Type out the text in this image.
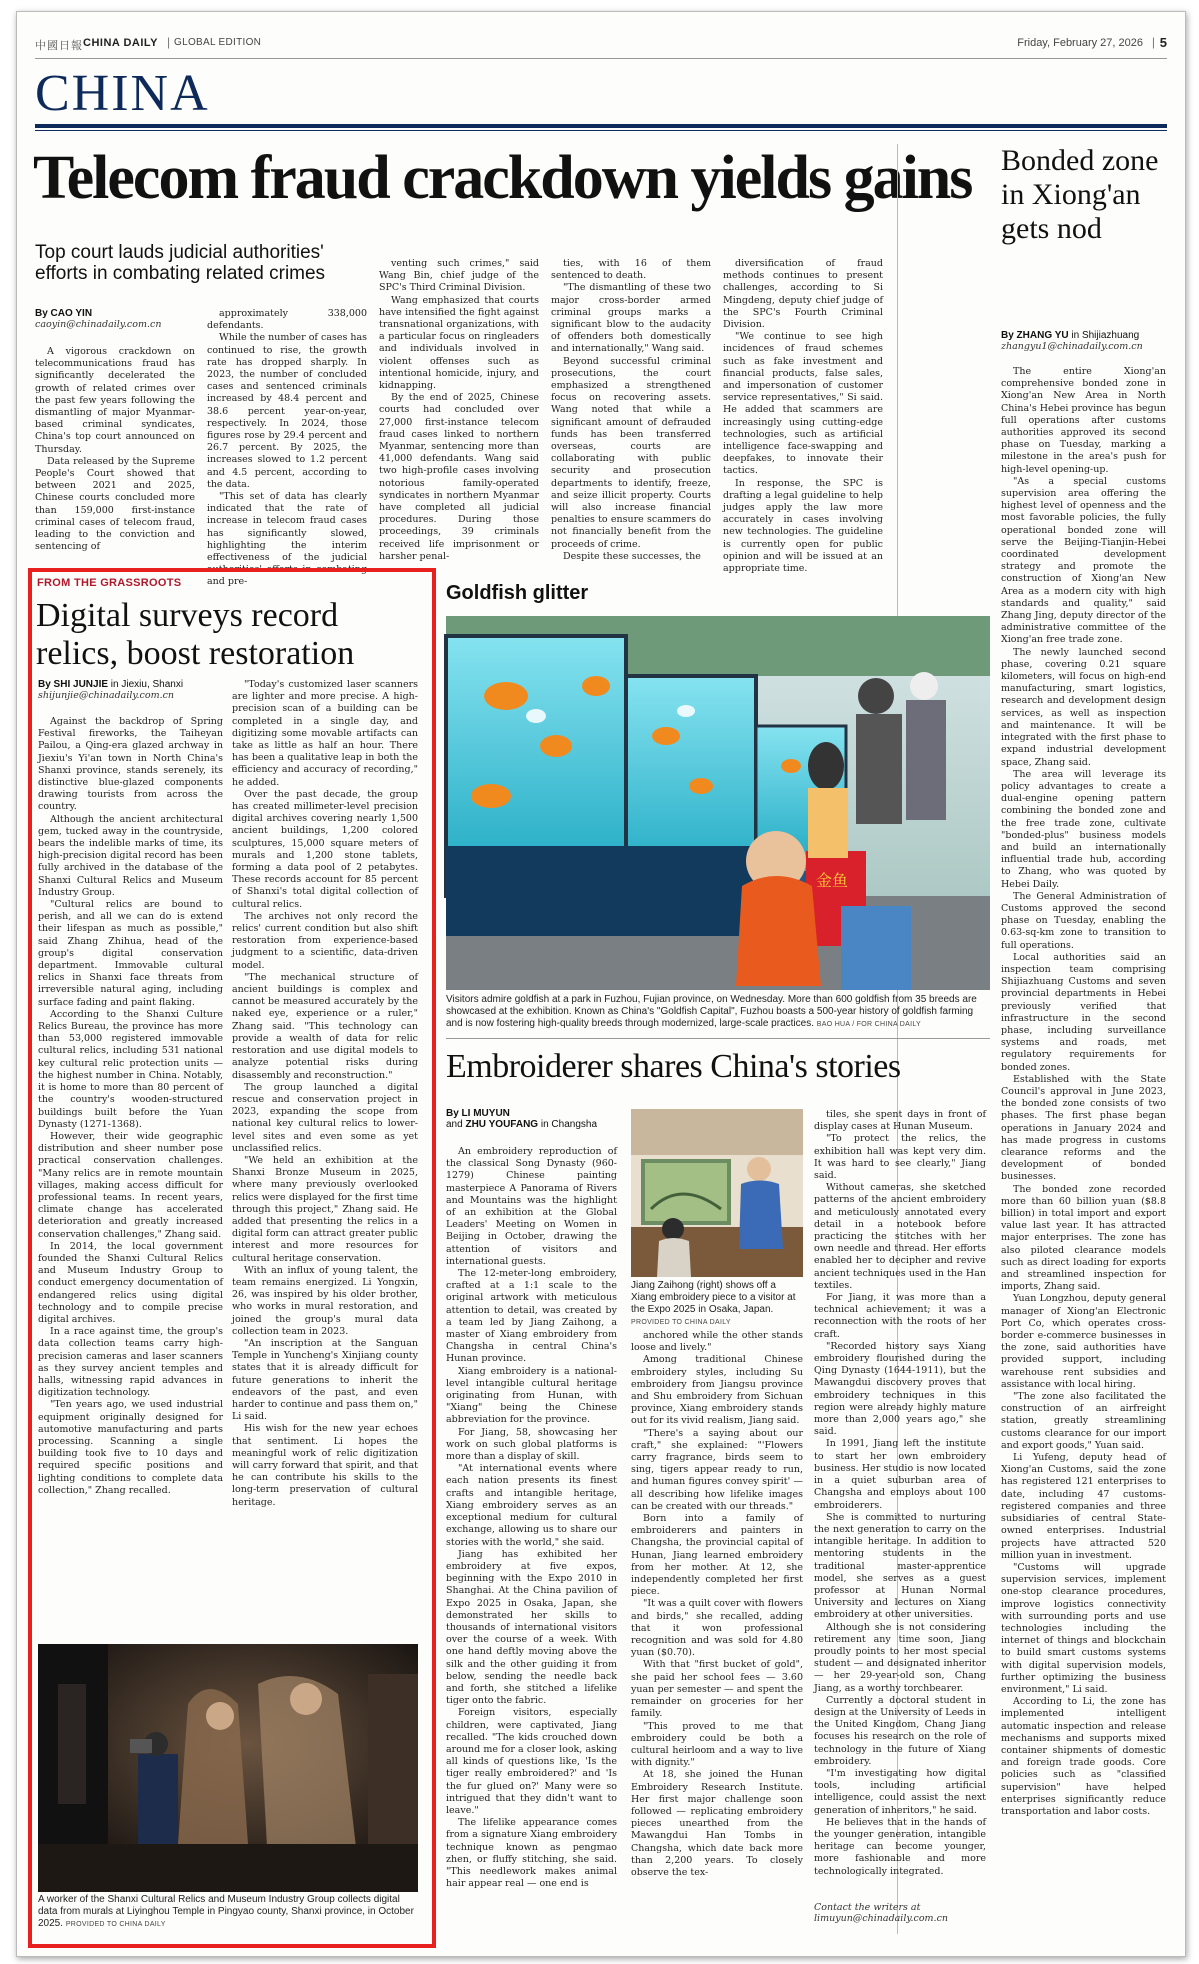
中國日報 CHINA DAILY | GLOBAL EDITION	Friday, February 27, 2026 | 5
CHINA
Telecom fraud crackdown yields gains
Top court lauds judicial authorities' efforts in combating related crimes
By CAO YIN
caoyin@chinadaily.com.cn

A vigorous crackdown on telecommunications fraud has significantly decelerated the growth of related crimes over the past few years following the dismantling of major Myanmar-based criminal syndicates, China's top court announced on Thursday.

Data released by the Supreme People's Court showed that between 2021 and 2025, Chinese courts concluded more than 159,000 first-instance criminal cases of telecom fraud, leading to the conviction and sentencing of

approximately 338,000 defendants.

While the number of cases has continued to rise, the growth rate has dropped sharply. In 2023, the number of concluded cases and sentenced criminals increased by 48.4 percent and 38.6 percent year-on-year, respectively. In 2024, those figures rose by 29.4 percent and 26.7 percent. By 2025, the increases slowed to 1.2 percent and 4.5 percent, according to the data.

"This set of data has clearly indicated that the rate of increase in telecom fraud cases has significantly slowed, highlighting the interim effectiveness of the judicial authorities' efforts in combating and pre-

venting such crimes," said Wang Bin, chief judge of the SPC's Third Criminal Division.

Wang emphasized that courts have intensified the fight against transnational organizations, with a particular focus on ringleaders and individuals involved in violent offenses such as intentional homicide, injury, and kidnapping.

By the end of 2025, Chinese courts had concluded over 27,000 first-instance telecom fraud cases linked to northern Myanmar, sentencing more than 41,000 defendants. Wang said two high-profile cases involving notorious family-operated syndicates in northern Myanmar have completed all judicial procedures. During those proceedings, 39 criminals received life imprisonment or harsher penal-

ties, with 16 of them sentenced to death.

"The dismantling of these two major cross-border armed criminal groups marks a significant blow to the audacity of offenders both domestically and internationally," Wang said.

Beyond successful criminal prosecutions, the court emphasized a strengthened focus on recovering assets. Wang noted that while a significant amount of defrauded funds has been transferred overseas, courts are collaborating with public security and prosecution departments to identify, freeze, and seize illicit property. Courts will also increase financial penalties to ensure scammers do not financially benefit from the proceeds of crime.

Despite these successes, the

diversification of fraud methods continues to present challenges, according to Si Mingdeng, deputy chief judge of the SPC's Fourth Criminal Division.

"We continue to see high incidences of fraud schemes such as fake investment and financial products, false sales, and impersonation of customer service representatives," Si said. He added that scammers are increasingly using cutting-edge technologies, such as artificial intelligence face-swapping and deepfakes, to innovate their tactics.

In response, the SPC is drafting a legal guideline to help judges apply the law more accurately in cases involving new technologies. The guideline is currently open for public opinion and will be issued at an appropriate time.

Bonded zone in Xiong'an gets nod
By ZHANG YU in Shijiazhuang
zhangyu1@chinadaily.com.cn

The entire Xiong'an comprehensive bonded zone in Xiong'an New Area in North China's Hebei province has begun full operations after customs authorities approved its second phase on Tuesday, marking a milestone in the area's push for high-level opening-up.

"As a special customs supervision area offering the highest level of openness and the most favorable policies, the fully operational bonded zone will serve the Beijing-Tianjin-Hebei coordinated development strategy and promote the construction of Xiong'an New Area as a modern city with high standards and quality," said Zhang Jing, deputy director of the administrative committee of the Xiong'an free trade zone.

The newly launched second phase, covering 0.21 square kilometers, will focus on high-end manufacturing, smart logistics, research and development design services, as well as inspection and maintenance. It will be integrated with the first phase to expand industrial development space, Zhang said.

The area will leverage its policy advantages to create a dual-engine opening pattern combining the bonded zone and the free trade zone, cultivate "bonded-plus" business models and build an internationally influential trade hub, according to Zhang, who was quoted by Hebei Daily.

The General Administration of Customs approved the second phase on Tuesday, enabling the 0.63-sq-km zone to transition to full operations.

Local authorities said an inspection team comprising Shijiazhuang Customs and seven provincial departments in Hebei previously verified that infrastructure in the second phase, including surveillance systems and roads, met regulatory requirements for bonded zones.

Established with the State Council's approval in June 2023, the bonded zone consists of two phases. The first phase began operations in January 2024 and has made progress in customs clearance reforms and the development of bonded businesses.

The bonded zone recorded more than 60 billion yuan ($8.8 billion) in total import and export value last year. It has attracted major enterprises. The zone has also piloted clearance models such as direct loading for exports and streamlined inspection for imports, Zhang said.

Yuan Longzhou, deputy general manager of Xiong'an Electronic Port Co, which operates cross-border e-commerce businesses in the zone, said authorities have provided support, including warehouse rent subsidies and assistance with local hiring.

"The zone also facilitated the construction of an airfreight station, greatly streamlining customs clearance for our import and export goods," Yuan said.

Li Yufeng, deputy head of Xiong'an Customs, said the zone has registered 121 enterprises to date, including 47 customs-registered companies and three subsidiaries of central State-owned enterprises. Industrial projects have attracted 520 million yuan in investment.

"Customs will upgrade supervision services, implement one-stop clearance procedures, improve logistics connectivity with surrounding ports and use technologies including the internet of things and blockchain to build smart customs systems with digital supervision models, further optimizing the business environment," Li said.

According to Li, the zone has implemented intelligent automatic inspection and release mechanisms and supports mixed container shipments of domestic and foreign trade goods. Core policies such as "classified supervision" have helped enterprises significantly reduce transportation and labor costs.

FROM THE GRASSROOTS
Digital surveys record relics, boost restoration
By SHI JUNJIE in Jiexiu, Shanxi
shijunjie@chinadaily.com.cn

Against the backdrop of Spring Festival fireworks, the Taiheyan Pailou, a Qing-era glazed archway in Jiexiu's Yi'an town in North China's Shanxi province, stands serenely, its distinctive blue-glazed components drawing tourists from across the country.

Although the ancient architectural gem, tucked away in the countryside, bears the indelible marks of time, its high-precision digital record has been fully archived in the database of the Shanxi Cultural Relics and Museum Industry Group.

"Cultural relics are bound to perish, and all we can do is extend their lifespan as much as possible," said Zhang Zhihua, head of the group's digital conservation department. Immovable cultural relics in Shanxi face threats from irreversible natural aging, including surface fading and paint flaking.

According to the Shanxi Culture Relics Bureau, the province has more than 53,000 registered immovable cultural relics, including 531 national key cultural relic protection units — the highest number in China. Notably, it is home to more than 80 percent of the country's wooden-structured buildings built before the Yuan Dynasty (1271-1368).

However, their wide geographic distribution and sheer number pose practical conservation challenges. "Many relics are in remote mountain villages, making access difficult for professional teams. In recent years, climate change has accelerated deterioration and greatly increased conservation challenges," Zhang said.

In 2014, the local government founded the Shanxi Cultural Relics and Museum Industry Group to conduct emergency documentation of endangered relics using digital technology and to compile precise digital archives.

In a race against time, the group's data collection teams carry high-precision cameras and laser scanners as they survey ancient temples and halls, witnessing rapid advances in digitization technology.

"Ten years ago, we used industrial equipment originally designed for automotive manufacturing and parts processing. Scanning a single building took five to 10 days and required specific positions and lighting conditions to complete data collection," Zhang recalled.

"Today's customized laser scanners are lighter and more precise. A high-precision scan of a building can be completed in a single day, and digitizing some movable artifacts can take as little as half an hour. There has been a qualitative leap in both the efficiency and accuracy of recording," he added.

Over the past decade, the group has created millimeter-level precision digital archives covering nearly 1,500 ancient buildings, 1,200 colored sculptures, 15,000 square meters of murals and 1,200 stone tablets, forming a data pool of 2 petabytes. These records account for 85 percent of Shanxi's total digital collection of cultural relics.

The archives not only record the relics' current condition but also shift restoration from experience-based judgment to a scientific, data-driven model.

"The mechanical structure of ancient buildings is complex and cannot be measured accurately by the naked eye, experience or a ruler," Zhang said. "This technology can provide a wealth of data for relic restoration and use digital models to analyze potential risks during disassembly and reconstruction."

The group launched a digital rescue and conservation project in 2023, expanding the scope from national key cultural relics to lower-level sites and even some as yet unclassified relics.

"We held an exhibition at the Shanxi Bronze Museum in 2025, where many previously overlooked relics were displayed for the first time through this project," Zhang said. He added that presenting the relics in a digital form can attract greater public interest and more resources for cultural heritage conservation.

With an influx of young talent, the team remains energized. Li Yongxin, 26, was inspired by his older brother, who works in mural restoration, and joined the group's mural data collection team in 2023.

"An inscription at the Sanguan Temple in Yuncheng's Xinjiang county states that it is already difficult for future generations to inherit the endeavors of the past, and even harder to continue and pass them on," Li said.

His wish for the new year echoes that sentiment. Li hopes the meaningful work of relic digitization will carry forward that spirit, and that he can contribute his skills to the long-term preservation of cultural heritage.

A worker of the Shanxi Cultural Relics and Museum Industry Group collects digital data from murals at Liyinghou Temple in Pingyao county, Shanxi province, in October 2025. PROVIDED TO CHINA DAILY
Goldfish glitter
金鱼
Visitors admire goldfish at a park in Fuzhou, Fujian province, on Wednesday. More than 600 goldfish from 35 breeds are showcased at the exhibition. Known as China's "Goldfish Capital", Fuzhou boasts a 500-year history of goldfish farming and is now fostering high-quality breeds through modernized, large-scale practices. BAO HUA / FOR CHINA DAILY
Embroiderer shares China's stories
By LI MUYUN
and ZHU YOUFANG in Changsha

An embroidery reproduction of the classical Song Dynasty (960-1279) Chinese painting masterpiece A Panorama of Rivers and Mountains was the highlight of an exhibition at the Global Leaders' Meeting on Women in Beijing in October, drawing the attention of visitors and international guests.

The 12-meter-long embroidery, crafted at a 1:1 scale to the original artwork with meticulous attention to detail, was created by a team led by Jiang Zaihong, a master of Xiang embroidery from Changsha in central China's Hunan province.

Xiang embroidery is a national-level intangible cultural heritage originating from Hunan, with "Xiang" being the Chinese abbreviation for the province.

For Jiang, 58, showcasing her work on such global platforms is more than a display of skill.

"At international events where each nation presents its finest crafts and intangible heritage, Xiang embroidery serves as an exceptional medium for cultural exchange, allowing us to share our stories with the world," she said.

Jiang has exhibited her embroidery at five expos, beginning with the Expo 2010 in Shanghai. At the China pavilion of Expo 2025 in Osaka, Japan, she demonstrated her skills to thousands of international visitors over the course of a week. With one hand deftly moving above the silk and the other guiding it from below, sending the needle back and forth, she stitched a lifelike tiger onto the fabric.

Foreign visitors, especially children, were captivated, Jiang recalled. "The kids crouched down around me for a closer look, asking all kinds of questions like, 'Is the tiger really embroidered?' and 'Is the fur glued on?' Many were so intrigued that they didn't want to leave."

The lifelike appearance comes from a signature Xiang embroidery technique known as pengmao zhen, or fluffy stitching, she said. "This needlework makes animal hair appear real — one end is

Jiang Zaihong (right) shows off a Xiang embroidery piece to a visitor at the Expo 2025 in Osaka, Japan. PROVIDED TO CHINA DAILY

anchored while the other stands loose and lively."

Among traditional Chinese embroidery styles, including Su embroidery from Jiangsu province and Shu embroidery from Sichuan province, Xiang embroidery stands out for its vivid realism, Jiang said.

"There's a saying about our craft," she explained: "'Flowers carry fragrance, birds seem to sing, tigers appear ready to run, and human figures convey spirit' — all describing how lifelike images can be created with our threads."

Born into a family of embroiderers and painters in Changsha, the provincial capital of Hunan, Jiang learned embroidery from her mother. At 12, she independently completed her first piece.

"It was a quilt cover with flowers and birds," she recalled, adding that it won professional recognition and was sold for 4.80 yuan ($0.70).

With that "first bucket of gold", she paid her school fees — 3.60 yuan per semester — and spent the remainder on groceries for her family.

"This proved to me that embroidery could be both a cultural heirloom and a way to live with dignity."

At 18, she joined the Hunan Embroidery Research Institute. Her first major challenge soon followed — replicating embroidery pieces unearthed from the Mawangdui Han Tombs in Changsha, which date back more than 2,200 years. To closely observe the tex-

tiles, she spent days in front of display cases at Hunan Museum.

"To protect the relics, the exhibition hall was kept very dim. It was hard to see clearly," Jiang said.

Without cameras, she sketched patterns of the ancient embroidery and meticulously annotated every detail in a notebook before practicing the stitches with her own needle and thread. Her efforts enabled her to decipher and revive ancient techniques used in the Han textiles.

For Jiang, it was more than a technical achievement; it was a reconnection with the roots of her craft.

"Recorded history says Xiang embroidery flourished during the Qing Dynasty (1644-1911), but the Mawangdui discovery proves that embroidery techniques in this region were already highly mature more than 2,000 years ago," she said.

In 1991, Jiang left the institute to start her own embroidery business. Her studio is now located in a quiet suburban area of Changsha and employs about 100 embroiderers.

She is committed to nurturing the next generation to carry on the intangible heritage. In addition to mentoring students in the traditional master-apprentice model, she serves as a guest professor at Hunan Normal University and lectures on Xiang embroidery at other universities.

Although she is not considering retirement any time soon, Jiang proudly points to her most special student — and designated inheritor — her 29-year-old son, Chang Jiang, as a worthy torchbearer.

Currently a doctoral student in design at the University of Leeds in the United Kingdom, Chang Jiang focuses his research on the role of technology in the future of Xiang embroidery.

"I'm investigating how digital tools, including artificial intelligence, could assist the next generation of inheritors," he said.

He believes that in the hands of the younger generation, intangible heritage can become younger, more fashionable and more technologically integrated.

Contact the writers at
limuyun@chinadaily.com.cn
